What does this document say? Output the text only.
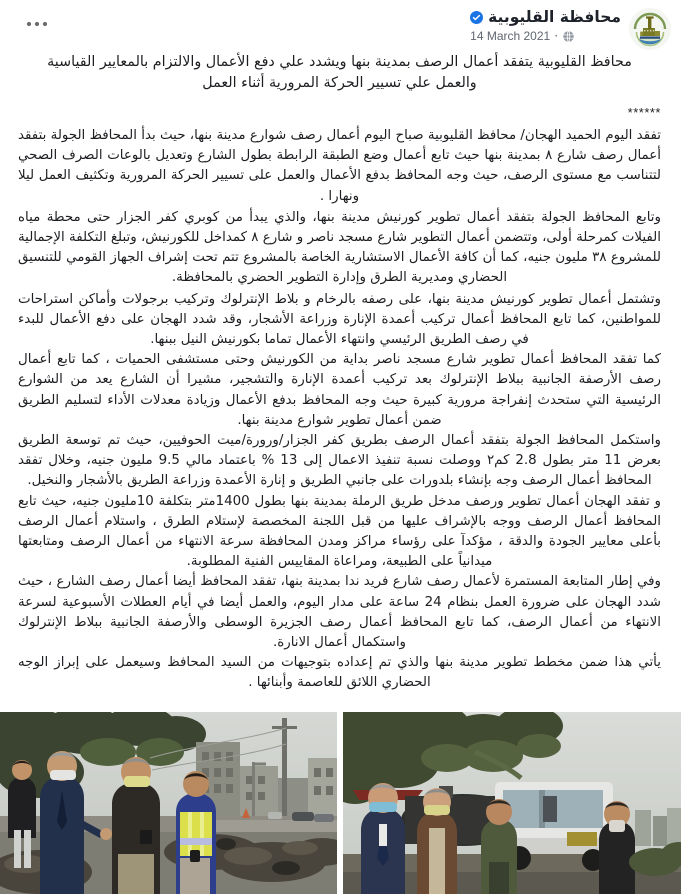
محافظة القليوبية
14 March 2021 ·
محافظ القليوبية يتفقد أعمال الرصف بمدينة بنها ويشدد علي دفع الأعمال والالتزام بالمعايير القياسية والعمل علي تسيير الحركة المرورية أثناء العمل
******

تفقد اليوم الحميد الهجان/ محافظ القليوبية صباح اليوم أعمال رصف شوارع مدينة بنها، حيث بدأ المحافظ الجولة بتفقد أعمال رصف شارع ٨ بمدينة بنها حيث تابع أعمال وضع الطبقة الرابطة بطول الشارع وتعديل بالوعات الصرف الصحي لتتناسب مع مستوى الرصف، حيث وجه المحافظ بدفع الأعمال والعمل على تسيير الحركة المرورية وتكثيف العمل ليلا ونهارا .

وتابع المحافظ الجولة بتفقد أعمال تطوير كورنيش مدينة بنها، والذي يبدأ من كوبري كفر الجزار حتى محطة مياه الفيلات كمرحلة أولى، وتتضمن أعمال التطوير شارع مسجد ناصر و شارع ٨ كمداخل للكورنيش، وتبلغ التكلفة الإجمالية للمشروع ٣٨ مليون جنيه، كما أن كافة الأعمال الاستشارية الخاصة بالمشروع تتم تحت إشراف الجهاز القومي للتنسيق الحضاري ومديرية الطرق وإدارة التطوير الحضري بالمحافظة.

وتشتمل أعمال تطوير كورنيش مدينة بنها، على رصفه بالرخام و بلاط الإنترلوك وتركيب برجولات وأماكن استراحات للمواطنين، كما تابع المحافظ أعمال تركيب أعمدة الإنارة وزراعة الأشجار، وقد شدد الهجان على دفع الأعمال للبدء في رصف الطريق الرئيسي وانتهاء الأعمال تماما بكورنيش النيل ببنها.

كما تفقد المحافظ أعمال تطوير شارع مسجد ناصر بداية من الكورنيش وحتى مستشفى الحميات ، كما تابع أعمال رصف الأرصفة الجانبية ببلاط الإنترلوك بعد تركيب أعمدة الإنارة والتشجير، مشيرا أن الشارع يعد من الشوارع الرئيسية التي ستحدث إنفراجة مرورية كبيرة حيث وجه المحافظ بدفع الأعمال وزيادة معدلات الأداء لتسليم الطريق ضمن أعمال تطوير شوارع مدينة بنها.

واستكمل المحافظ الجولة بتفقد أعمال الرصف بطريق كفر الجزار/ورورة/ميت الحوفيين، حيث تم توسعة الطريق بعرض 11 متر بطول 2.8 كم٢ ووصلت نسبة تنفيذ الاعمال إلى 13 % باعتماد مالي 9.5 مليون جنيه، وخلال تفقد المحافظ أعمال الرصف وجه بإنشاء بلدورات على جانبي الطريق و إنارة الأعمدة وزراعة الطريق بالأشجار والنخيل.

و تفقد الهجان أعمال تطوير ورصف مدخل طريق الرملة بمدينة بنها بطول 1400متر بتكلفة 10مليون جنيه، حيث تابع المحافظ أعمال الرصف ووجه بالإشراف عليها من قبل اللجنة المخصصة لإستلام الطرق ، واستلام أعمال الرصف بأعلى معايير الجودة والدقة ، مؤكدآ على رؤساء مراكز ومدن المحافظة سرعة الانتهاء من أعمال الرصف ومتابعتها ميدانياً على الطبيعة، ومراعاة المقاييس الفنية المطلوبة.

وفي إطار المتابعة المستمرة لأعمال رصف شارع فريد ندا بمدينة بنها، تفقد المحافظ أيضا أعمال رصف الشارع ، حيث شدد الهجان على ضرورة العمل بنظام 24 ساعة على مدار اليوم، والعمل أيضا في أيام العطلات الأسبوعية لسرعة الانتهاء من أعمال الرصف، كما تابع المحافظ أعمال رصف الجزيرة الوسطى والأرصفة الجانبية ببلاط الإنترلوك واستكمال أعمال الانارة.

يأتي هذا ضمن مخطط تطوير مدينة بنها والذي تم إعداده بتوجيهات من السيد المحافظ وسيعمل على إبراز الوجه الحضاري اللائق للعاصمة وأبنائها .
